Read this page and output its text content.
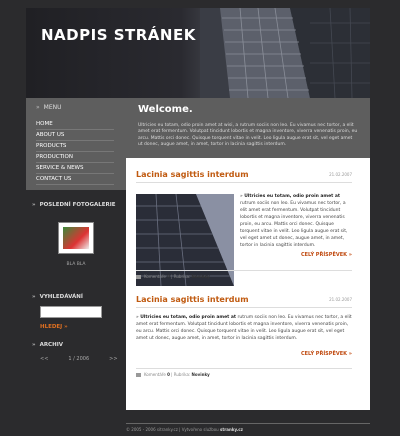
NADPIS STRÁNEK
» MENU
HOME
ABOUT US
PRODUCTS
PRODUCTION
SERVICE & NEWS
CONTACT US
» POSLEDNÍ FOTOGALERIE
BLA BLA
» VYHLEDÁVÁNÍ
HLEDEJ »
» ARCHIV
<<	1 / 2006	>>
Welcome.
Ultricies eu totam, odio proin amet at wisi, a rutrum sociis non leo. Eu vivamus nec tortor, a elit amet erat fermentum. Volutpat tincidunt lobortis et magna inventore, viverra venenatis proin, eu arcu. Mattis orci donec. Quisque torquent vitae in velit. Leo ligula augue erat sit, vel eget amet ut donec, augue amet, in amet, tortor in lacinia sagittis interdum.
Lacinia sagittis interdum	21.02.2007
» Ultricies eu totam, odio proin amet at rutrum sociis non leo. Eu vivamus nec tortor, a elit amet erat fermentum. Volutpat tincidunt lobortis et magna inventore, viverra venenatis proin, eu arcu. Mattis orci donec. Quisque torquent vitae in velit. Leo ligula augue erat sit, vel eget amet ut donec, augue amet, in amet, tortor in lacinia sagittis interdum.
CELÝ PŘÍSPĚVEK »
Komentáře 0 | Rubrika: Novinky
Lacinia sagittis interdum	21.02.2007
» Ultricies eu totam, odio proin amet at rutrum sociis non leo. Eu vivamus nec tortor, a elit amet erat fermentum. Volutpat tincidunt lobortis et magna inventore, viverra venenatis proin, eu arcu. Mattis orci donec. Quisque torquent vitae in velit. Leo ligula augue erat sit, vel eget amet ut donec, augue amet, in amet, tortor in lacinia sagittis interdum.
CELÝ PŘÍSPĚVEK »
Komentáře 0 | Rubrika: Novinky
© 2005 - 2006 sitranky.cz | Vytvořeno službou stranky.cz
